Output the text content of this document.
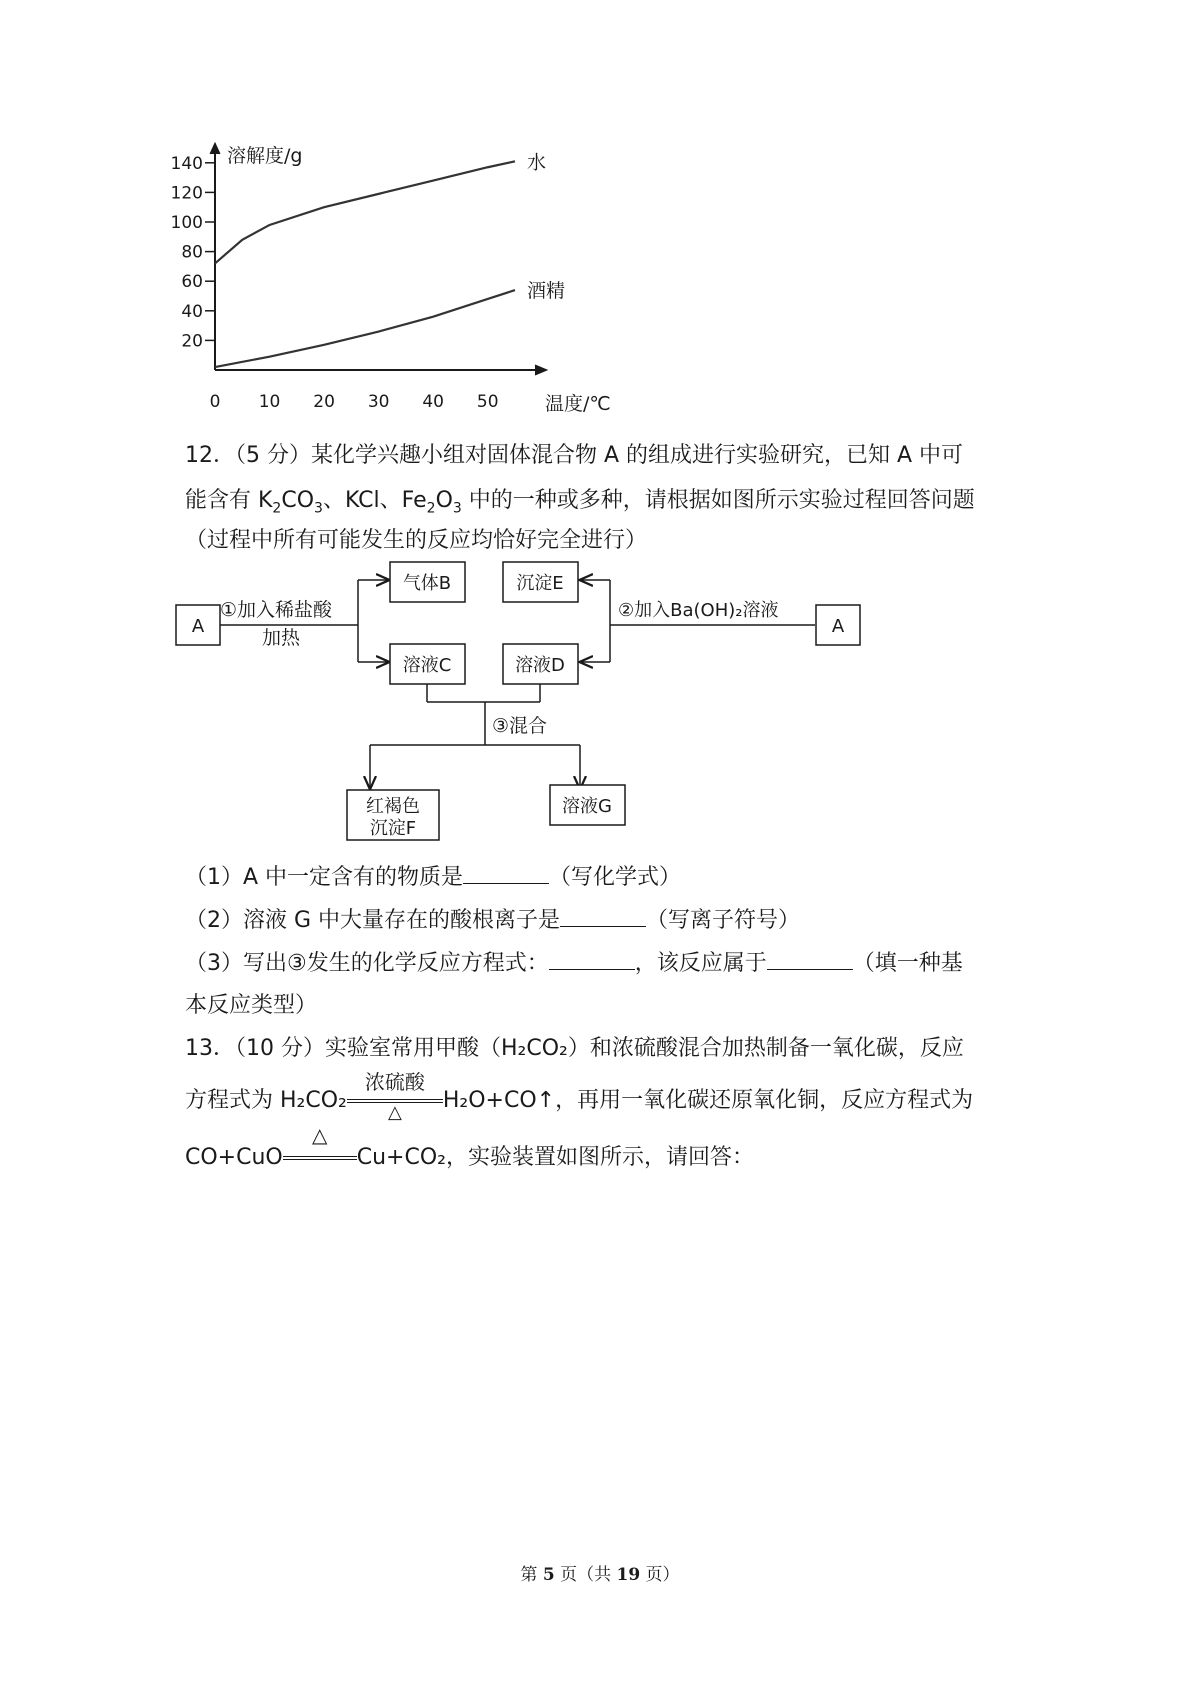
20
40
60
80
100
120
140
0 10 20 30 40 50
溶解度/g
温度/℃
水
酒精
12．（5 分）某化学兴趣小组对固体混合物 A 的组成进行实验研究，已知 A 中可
能含有 $K_2CO_3$、KCl、$Fe_2O_3$ 中的一种或多种，请根据如图所示实验过程回答问题
（过程中所有可能发生的反应均恰好完全进行）
A
①加入稀盐酸
加热
气体B
溶液C
沉淀E
溶液D
②加入Ba(OH)₂溶液
A
③混合
红褐色
沉淀F
溶液G
（1）A 中一定含有的物质是	（写化学式）
（2）溶液 G 中大量存在的酸根离子是	（写离子符号）
（3）写出③发生的化学反应方程式：	，该反应属于	（填一种基
本反应类型）
13．（10 分）实验室常用甲酸（H₂CO₂）和浓硫酸混合加热制备一氧化碳，反应
方程式为 H₂CO₂
浓硫酸
△	H₂O+CO↑，再用一氧化碳还原氧化铜，反应方程式为
CO+CuO
△
Cu+CO₂，实验装置如图所示，请回答：
第 5 页（共 19 页）
